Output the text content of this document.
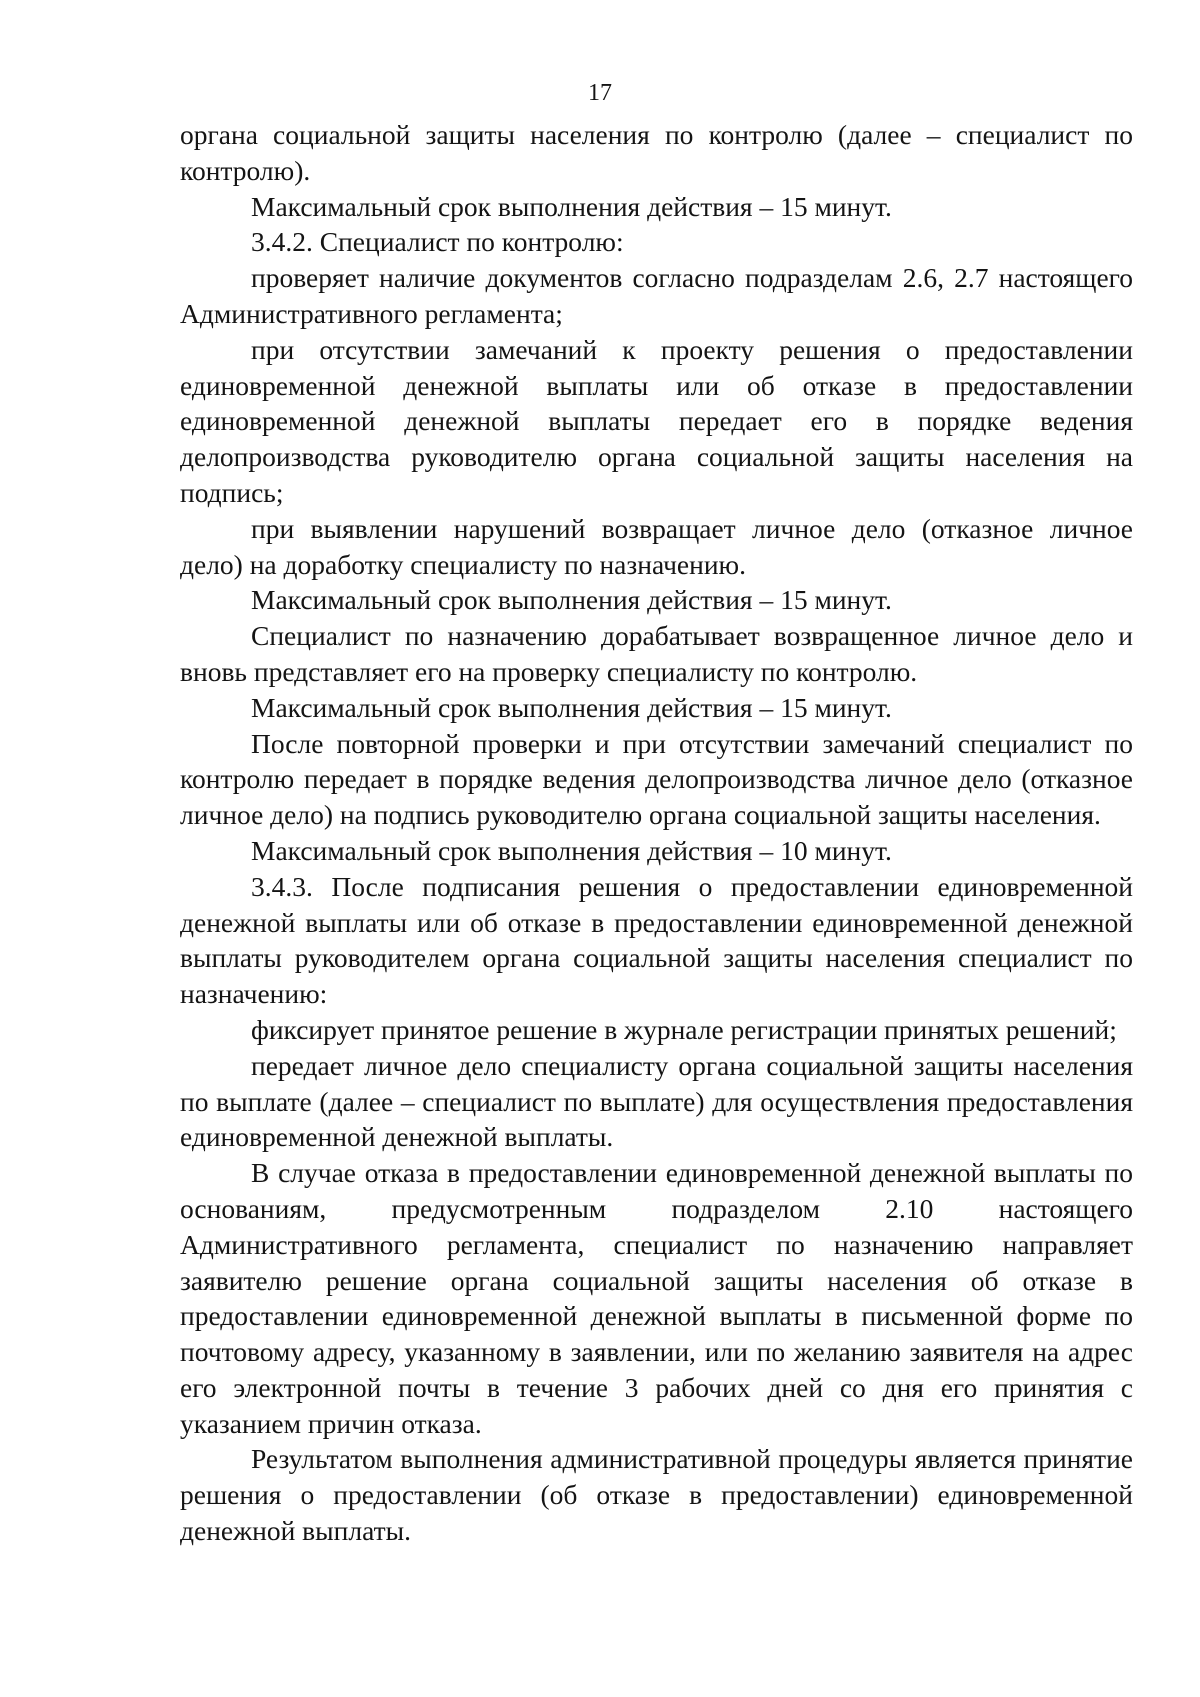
17

органа социальной защиты населения по контролю (далее – специалист по контролю).

Максимальный срок выполнения действия – 15 минут.

3.4.2. Специалист по контролю:

проверяет наличие документов согласно подразделам 2.6, 2.7 настоящего Административного регламента;

при отсутствии замечаний к проекту решения о предоставлении единовременной денежной выплаты или об отказе в предоставлении единовременной денежной выплаты передает его в порядке ведения делопроизводства руководителю органа социальной защиты населения на подпись;

при выявлении нарушений возвращает личное дело (отказное личное дело) на доработку специалисту по назначению.

Максимальный срок выполнения действия – 15 минут.

Специалист по назначению дорабатывает возвращенное личное дело и вновь представляет его на проверку специалисту по контролю.

Максимальный срок выполнения действия – 15 минут.

После повторной проверки и при отсутствии замечаний специалист по контролю передает в порядке ведения делопроизводства личное дело (отказное личное дело) на подпись руководителю органа социальной защиты населения.

Максимальный срок выполнения действия – 10 минут.

3.4.3. После подписания решения о предоставлении единовременной денежной выплаты или об отказе в предоставлении единовременной денежной выплаты руководителем органа социальной защиты населения специалист по назначению:

фиксирует принятое решение в журнале регистрации принятых решений;

передает личное дело специалисту органа социальной защиты населения по выплате (далее – специалист по выплате) для осуществления предоставления единовременной денежной выплаты.

В случае отказа в предоставлении единовременной денежной выплаты по основаниям, предусмотренным подразделом 2.10 настоящего Административного регламента, специалист по назначению направляет заявителю решение органа социальной защиты населения об отказе в предоставлении единовременной денежной выплаты в письменной форме по почтовому адресу, указанному в заявлении, или по желанию заявителя на адрес его электронной почты в течение 3 рабочих дней со дня его принятия с указанием причин отказа.

Результатом выполнения административной процедуры является принятие решения о предоставлении (об отказе в предоставлении) единовременной денежной выплаты.
